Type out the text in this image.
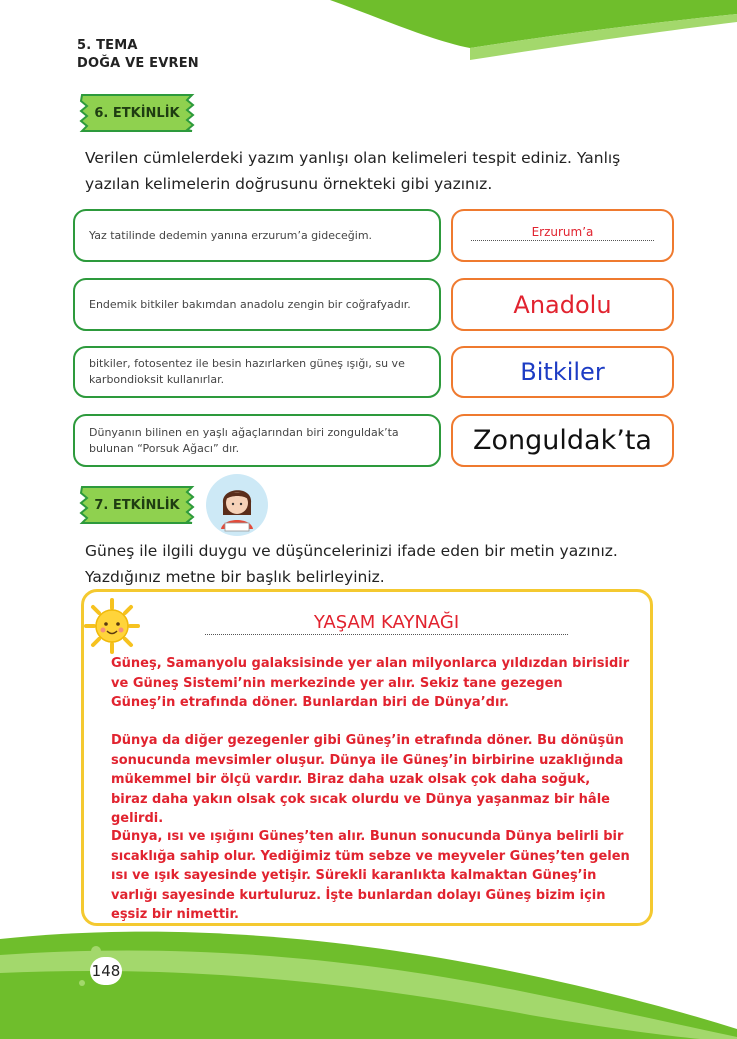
5. TEMA
DOĞA VE EVREN
6. ETKİNLİK
Verilen cümlelerdeki yazım yanlışı olan kelimeleri tespit ediniz. Yanlış yazılan kelimelerin doğrusunu örnekteki gibi yazınız.
Yaz tatilinde dedemin yanına erzurum’a gideceğim.	Erzurum’a
Endemik bitkiler bakımdan anadolu zengin bir coğrafyadır.	Anadolu
bitkiler, fotosentez ile besin hazırlarken güneş ışığı, su ve karbondioksit kullanırlar.	Bitkiler
Dünyanın bilinen en yaşlı ağaçlarından biri zonguldak’ta bulunan “Porsuk Ağacı” dır.	Zonguldak’ta
7. ETKİNLİK
Güneş ile ilgili duygu ve düşüncelerinizi ifade eden bir metin yazınız. Yazdığınız metne bir başlık belirleyiniz.
YAŞAM KAYNAĞI

Güneş, Samanyolu galaksisinde yer alan milyonlarca yıldızdan birisidir ve Güneş Sistemi’nin merkezinde yer alır. Sekiz tane gezegen Güneş’in etrafında döner. Bunlardan biri de Dünya’dır.

Dünya da diğer gezegenler gibi Güneş’in etrafında döner. Bu dönüşün sonucunda mevsimler oluşur. Dünya ile Güneş’in birbirine uzaklığında mükemmel bir ölçü vardır. Biraz daha uzak olsak çok daha soğuk, biraz daha yakın olsak çok sıcak olurdu ve Dünya yaşanmaz bir hâle gelirdi.

Dünya, ısı ve ışığını Güneş’ten alır. Bunun sonucunda Dünya belirli bir sıcaklığa sahip olur. Yediğimiz tüm sebze ve meyveler Güneş’ten gelen ısı ve ışık sayesinde yetişir. Sürekli karanlıkta kalmaktan Güneş’in varlığı sayesinde kurtuluruz. İşte bunlardan dolayı Güneş bizim için eşsiz bir nimettir.

148
